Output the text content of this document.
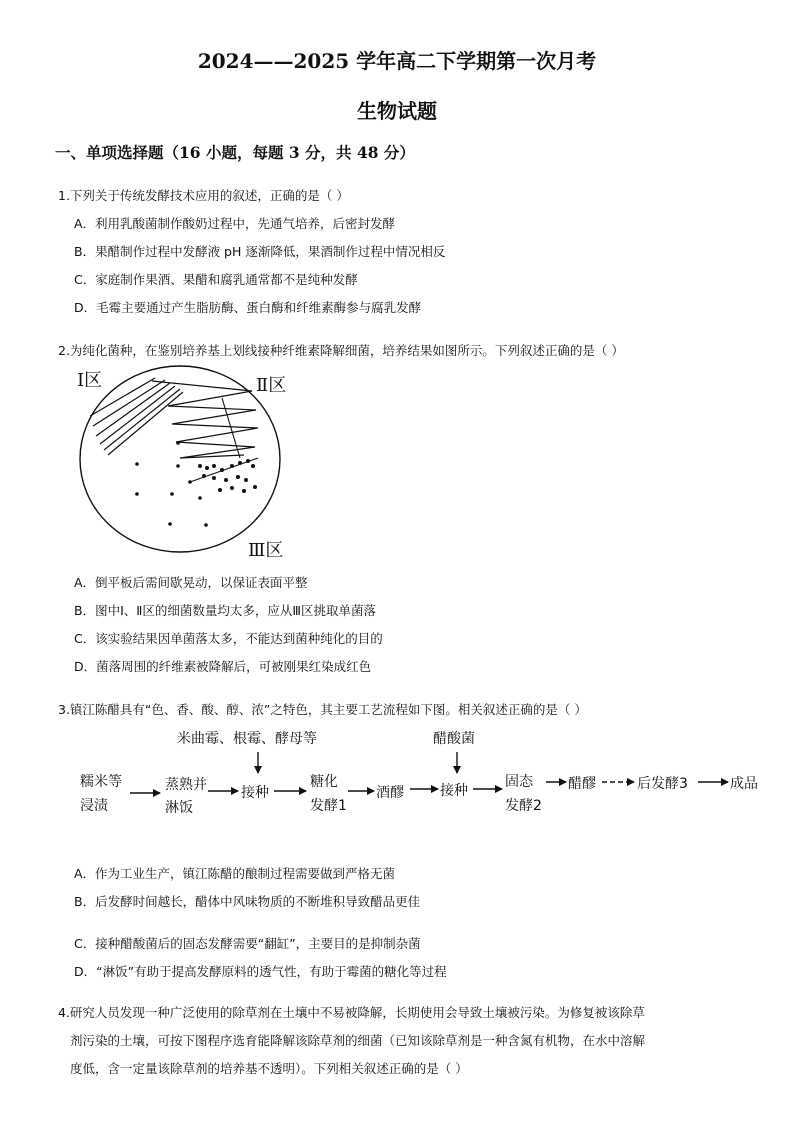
2024——2025 学年高二下学期第一次月考
生物试题
一、单项选择题（16 小题，每题 3 分，共 48 分）
1.下列关于传统发酵技术应用的叙述，正确的是（ ）
A．利用乳酸菌制作酸奶过程中，先通气培养，后密封发酵
B．果醋制作过程中发酵液 pH 逐渐降低，果酒制作过程中情况相反
C．家庭制作果酒、果醋和腐乳通常都不是纯种发酵
D．毛霉主要通过产生脂肪酶、蛋白酶和纤维素酶参与腐乳发酵
2.为纯化菌种，在鉴别培养基上划线接种纤维素降解细菌，培养结果如图所示。下列叙述正确的是（ ）
Ⅰ区	Ⅱ区
Ⅲ区
A．倒平板后需间歇晃动，以保证表面平整
B．图中Ⅰ、Ⅱ区的细菌数量均太多，应从Ⅲ区挑取单菌落
C．该实验结果因单菌落太多，不能达到菌种纯化的目的
D．菌落周围的纤维素被降解后，可被刚果红染成红色
3.镇江陈醋具有“色、香、酸、醇、浓”之特色，其主要工艺流程如下图。相关叙述正确的是（ ）
米曲霉、根霉、酵母等	醋酸菌
糯米等
浸渍
蒸熟并
淋饭
接种
糖化
发酵1
酒醪	接种
固态
发酵2
醋醪	后发酵3	成品
A．作为工业生产，镇江陈醋的酿制过程需要做到严格无菌
B．后发酵时间越长，醋体中风味物质的不断堆积导致醋品更佳
C．接种醋酸菌后的固态发酵需要“翻缸”，主要目的是抑制杂菌
D．“淋饭”有助于提高发酵原料的透气性，有助于霉菌的糖化等过程
4.研究人员发现一种广泛使用的除草剂在土壤中不易被降解，长期使用会导致土壤被污染。为修复被该除草
剂污染的土壤，可按下图程序选育能降解该除草剂的细菌（已知该除草剂是一种含氮有机物，在水中溶解
度低，含一定量该除草剂的培养基不透明）。下列相关叙述正确的是（ ）
